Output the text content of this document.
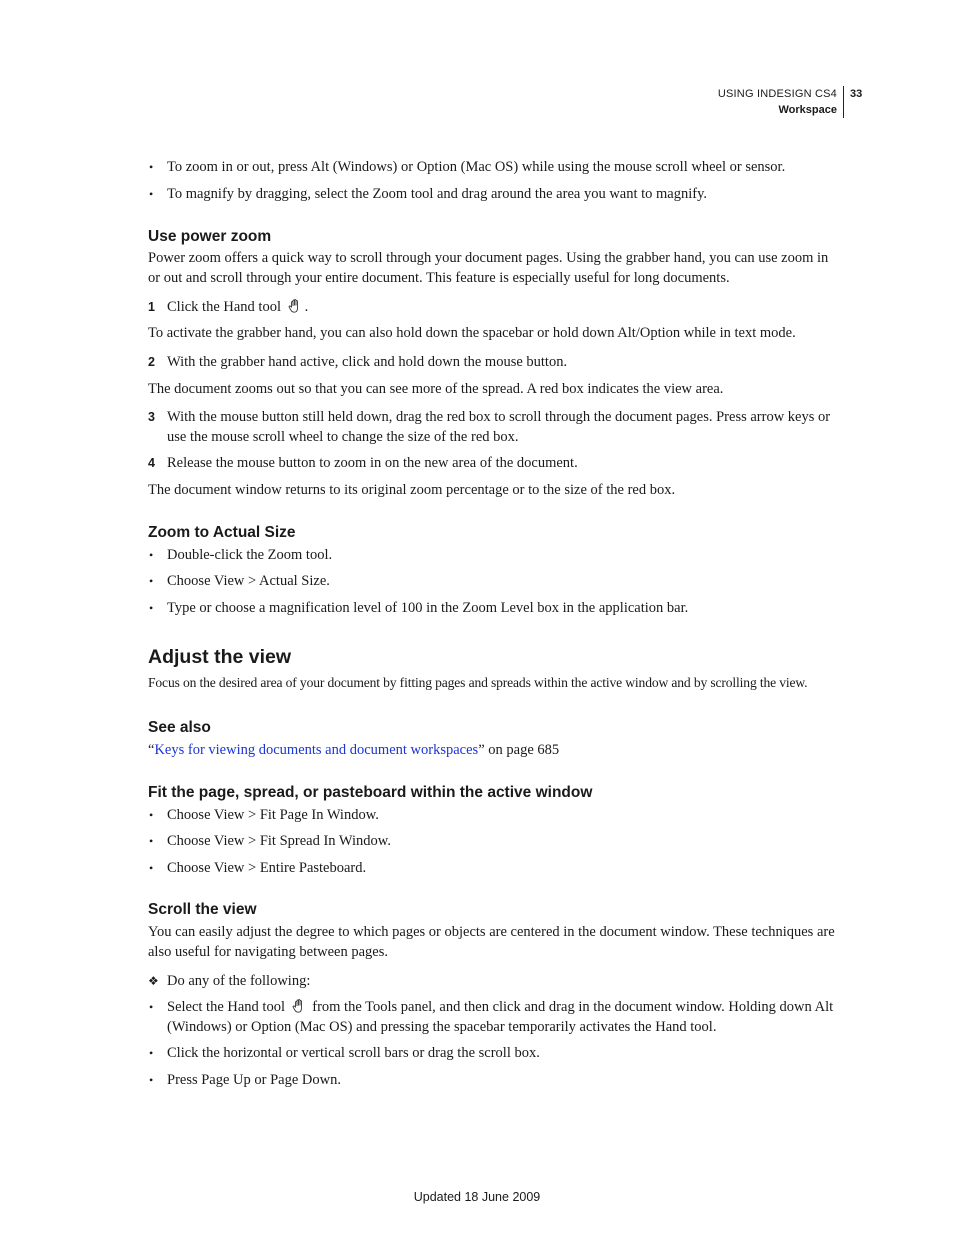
USING INDESIGN CS4
Workspace
33
• To zoom in or out, press Alt (Windows) or Option (Mac OS) while using the mouse scroll wheel or sensor.
• To magnify by dragging, select the Zoom tool and drag around the area you want to magnify.
Use power zoom
Power zoom offers a quick way to scroll through your document pages. Using the grabber hand, you can use zoom in or out and scroll through your entire document. This feature is especially useful for long documents.
1 Click the Hand tool .
To activate the grabber hand, you can also hold down the spacebar or hold down Alt/Option while in text mode.
2 With the grabber hand active, click and hold down the mouse button.
The document zooms out so that you can see more of the spread. A red box indicates the view area.
3 With the mouse button still held down, drag the red box to scroll through the document pages. Press arrow keys or use the mouse scroll wheel to change the size of the red box.
4 Release the mouse button to zoom in on the new area of the document.
The document window returns to its original zoom percentage or to the size of the red box.
Zoom to Actual Size
• Double-click the Zoom tool.
• Choose View > Actual Size.
• Type or choose a magnification level of 100 in the Zoom Level box in the application bar.
Adjust the view
Focus on the desired area of your document by fitting pages and spreads within the active window and by scrolling the view.
See also
“Keys for viewing documents and document workspaces” on page 685
Fit the page, spread, or pasteboard within the active window
• Choose View > Fit Page In Window.
• Choose View > Fit Spread In Window.
• Choose View > Entire Pasteboard.
Scroll the view
You can easily adjust the degree to which pages or objects are centered in the document window. These techniques are also useful for navigating between pages.
❖ Do any of the following:
• Select the Hand tool from the Tools panel, and then click and drag in the document window. Holding down Alt (Windows) or Option (Mac OS) and pressing the spacebar temporarily activates the Hand tool.
• Click the horizontal or vertical scroll bars or drag the scroll box.
• Press Page Up or Page Down.
Updated 18 June 2009
